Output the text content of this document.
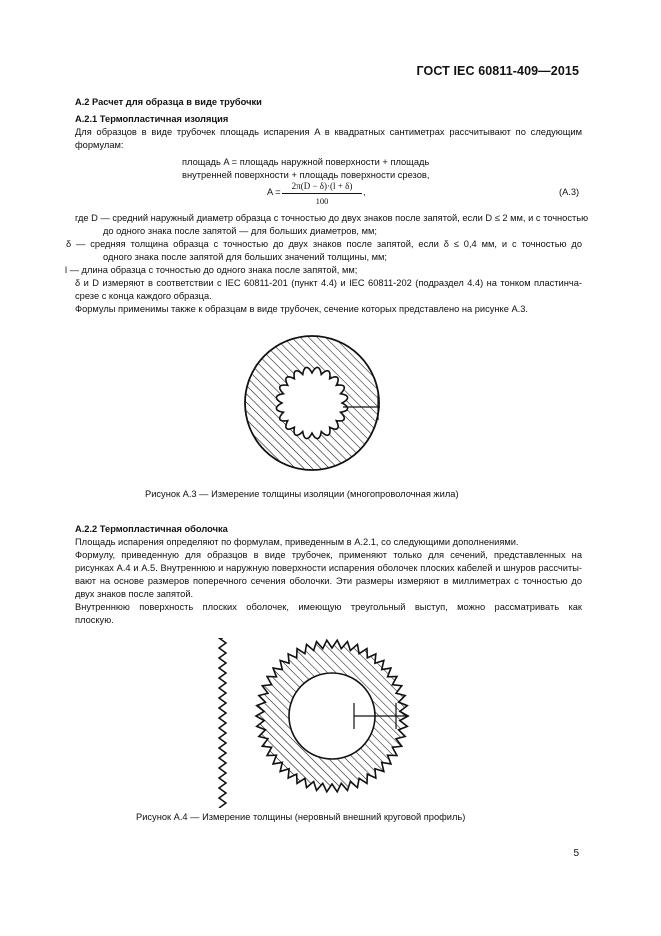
ГОСТ IEC 60811-409—2015
А.2 Расчет для образца в виде трубочки
А.2.1 Термопластичная изоляция
Для образцов в виде трубочек площадь испарения A в квадратных сантиметрах рассчитывают по следующим
формулам:
площадь A = площадь наружной поверхности + площадь
внутренней поверхности + площадь поверхности срезов,
A =
2π(D − δ)·(l + δ)
100
,	(А.3)
где D — средний наружный диаметр образца с точностью до двух знаков после запятой, если D ≤ 2 мм, и с точностью
до одного знака после запятой — для больших диаметров, мм;
δ — средняя толщина образца с точностью до двух знаков после запятой, если δ ≤ 0,4 мм, и с точностью до
одного знака после запятой для больших значений толщины, мм;
l — длина образца с точностью до одного знака после запятой, мм;
δ и D измеряют в соответствии с IEC 60811-201 (пункт 4.4) и IEC 60811-202 (подраздел 4.4) на тонком пластинча-
срезе с конца каждого образца.
Формулы применимы также к образцам в виде трубочек, сечение которых представлено на рисунке А.3.
Рисунок А.3 — Измерение толщины изоляции (многопроволочная жила)
А.2.2 Термопластичная оболочка
Площадь испарения определяют по формулам, приведенным в А.2.1, со следующими дополнениями.
Формулу, приведенную для образцов в виде трубочек, применяют только для сечений, представленных на
рисунках А.4 и А.5. Внутреннюю и наружную поверхности испарения оболочек плоских кабелей и шнуров рассчиты-
вают на основе размеров поперечного сечения оболочки. Эти размеры измеряют в миллиметрах с точностью до
двух знаков после запятой.
Внутреннюю поверхность плоских оболочек, имеющую треугольный выступ, можно рассматривать как
плоскую.
Рисунок А.4 — Измерение толщины (неровный внешний круговой профиль)
5
